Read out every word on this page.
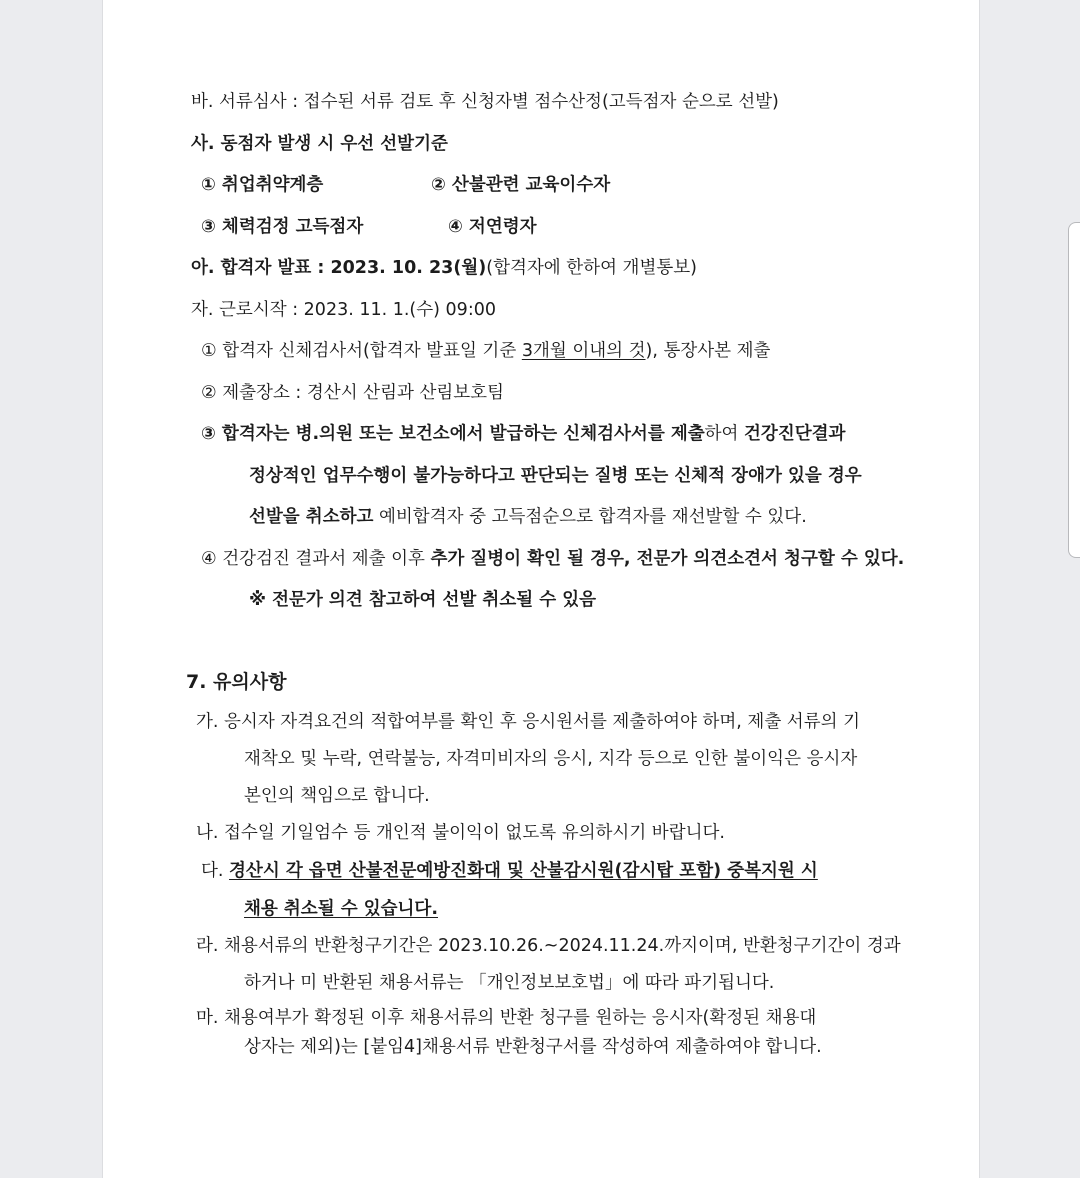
바. 서류심사 : 접수된 서류 검토 후 신청자별 점수산정(고득점자 순으로 선발)
사. 동점자 발생 시 우선 선발기준
① 취업취약계층	② 산불관련 교육이수자
③ 체력검정 고득점자	④ 저연령자
아. 합격자 발표 : 2023. 10. 23(월)(합격자에 한하여 개별통보)
자. 근로시작 : 2023. 11. 1.(수) 09:00
① 합격자 신체검사서(합격자 발표일 기준 3개월 이내의 것), 통장사본 제출
② 제출장소 : 경산시 산림과 산림보호팀
③ 합격자는 병.의원 또는 보건소에서 발급하는 신체검사서를 제출하여 건강진단결과
정상적인 업무수행이 불가능하다고 판단되는 질병 또는 신체적 장애가 있을 경우
선발을 취소하고 예비합격자 중 고득점순으로 합격자를 재선발할 수 있다.
④ 건강검진 결과서 제출 이후 추가 질병이 확인 될 경우, 전문가 의견소견서 청구할 수 있다.
※ 전문가 의견 참고하여 선발 취소될 수 있음
7. 유의사항
가. 응시자 자격요건의 적합여부를 확인 후 응시원서를 제출하여야 하며, 제출 서류의 기
재착오 및 누락, 연락불능, 자격미비자의 응시, 지각 등으로 인한 불이익은 응시자
본인의 책임으로 합니다.
나. 접수일 기일엄수 등 개인적 불이익이 없도록 유의하시기 바랍니다.
다. 경산시 각 읍면 산불전문예방진화대 및 산불감시원(감시탑 포함) 중복지원 시
채용 취소될 수 있습니다.
라. 채용서류의 반환청구기간은 2023.10.26.~2024.11.24.까지이며, 반환청구기간이 경과
하거나 미 반환된 채용서류는 「개인정보보호법」에 따라 파기됩니다.
마. 채용여부가 확정된 이후 채용서류의 반환 청구를 원하는 응시자(확정된 채용대
상자는 제외)는 [붙임4]채용서류 반환청구서를 작성하여 제출하여야 합니다.
